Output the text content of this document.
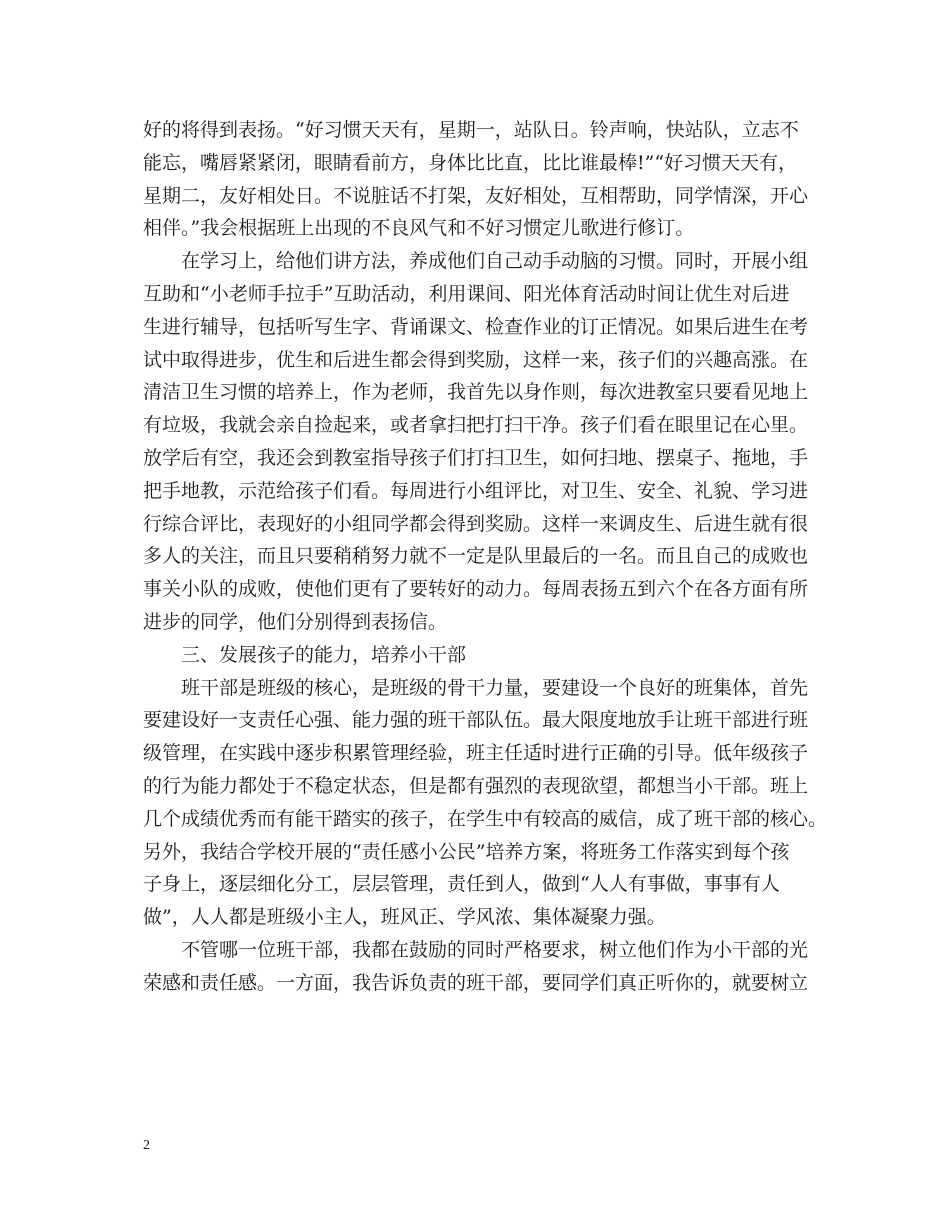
好的将得到表扬。“好习惯天天有，星期一，站队日。铃声响，快站队，立志不

能忘，嘴唇紧紧闭，眼睛看前方，身体比比直，比比谁最棒!”“好习惯天天有，

星期二，友好相处日。不说脏话不打架，友好相处，互相帮助，同学情深，开心

相伴。”我会根据班上出现的不良风气和不好习惯定儿歌进行修订。

　　在学习上，给他们讲方法，养成他们自己动手动脑的习惯。同时，开展小组

互助和“小老师手拉手”互助活动，利用课间、阳光体育活动时间让优生对后进

生进行辅导，包括听写生字、背诵课文、检查作业的订正情况。如果后进生在考

试中取得进步，优生和后进生都会得到奖励，这样一来，孩子们的兴趣高涨。在

清洁卫生习惯的培养上，作为老师，我首先以身作则，每次进教室只要看见地上

有垃圾，我就会亲自捡起来，或者拿扫把打扫干净。孩子们看在眼里记在心里。

放学后有空，我还会到教室指导孩子们打扫卫生，如何扫地、摆桌子、拖地，手

把手地教，示范给孩子们看。每周进行小组评比，对卫生、安全、礼貌、学习进

行综合评比，表现好的小组同学都会得到奖励。这样一来调皮生、后进生就有很

多人的关注，而且只要稍稍努力就不一定是队里最后的一名。而且自己的成败也

事关小队的成败，使他们更有了要转好的动力。每周表扬五到六个在各方面有所

进步的同学，他们分别得到表扬信。

　　三、发展孩子的能力，培养小干部

　　班干部是班级的核心，是班级的骨干力量，要建设一个良好的班集体，首先

要建设好一支责任心强、能力强的班干部队伍。最大限度地放手让班干部进行班

级管理，在实践中逐步积累管理经验，班主任适时进行正确的引导。低年级孩子

的行为能力都处于不稳定状态，但是都有强烈的表现欲望，都想当小干部。班上

几个成绩优秀而有能干踏实的孩子，在学生中有较高的威信，成了班干部的核心。

另外，我结合学校开展的“责任感小公民”培养方案，将班务工作落实到每个孩

子身上，逐层细化分工，层层管理，责任到人，做到“人人有事做，事事有人

做”，人人都是班级小主人，班风正、学风浓、集体凝聚力强。

　　不管哪一位班干部，我都在鼓励的同时严格要求，树立他们作为小干部的光

荣感和责任感。一方面，我告诉负责的班干部，要同学们真正听你的，就要树立

2
